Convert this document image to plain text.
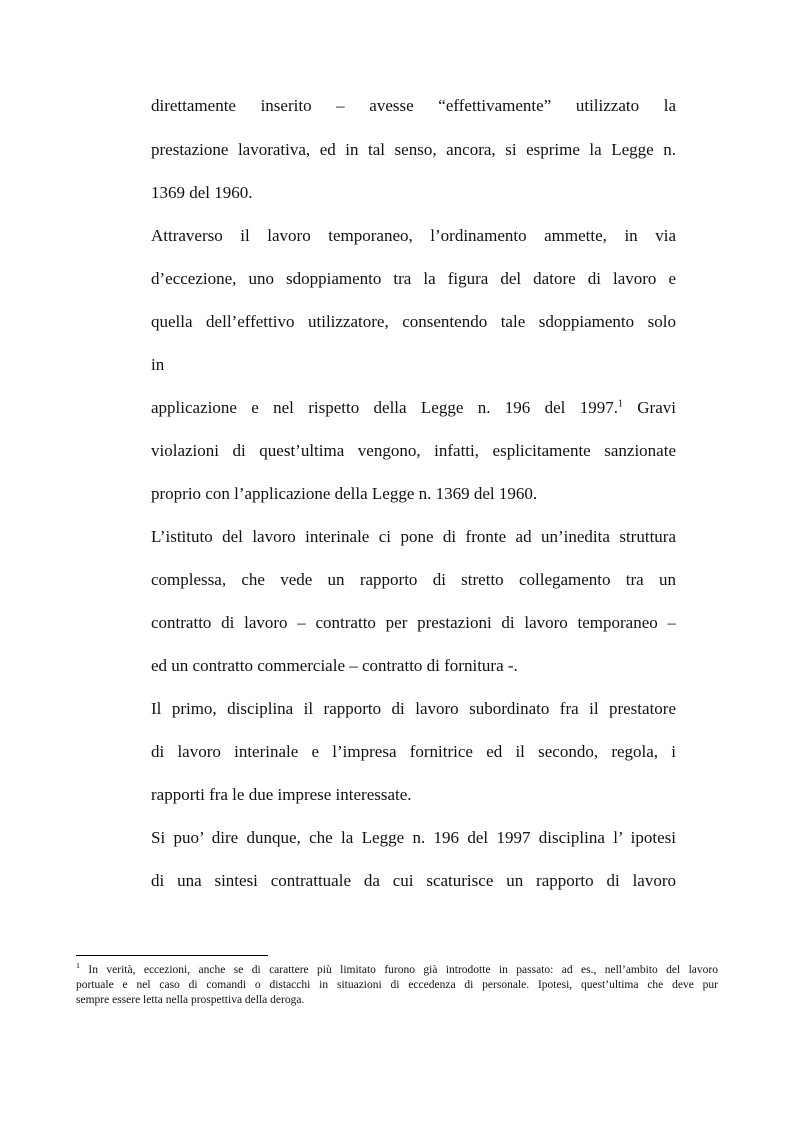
direttamente inserito – avesse “effettivamente” utilizzato la
prestazione lavorativa, ed in tal senso, ancora, si esprime la Legge n.
1369 del 1960.
Attraverso il lavoro temporaneo, l’ordinamento ammette, in via
d’eccezione, uno sdoppiamento tra la figura del datore di lavoro e
quella dell’effettivo utilizzatore, consentendo tale sdoppiamento solo
in
applicazione e nel rispetto della Legge n. 196 del 1997.$^1$ Gravi
violazioni di quest’ultima vengono, infatti, esplicitamente sanzionate
proprio con l’applicazione della Legge n. 1369 del 1960.
L’istituto del lavoro interinale ci pone di fronte ad un’inedita struttura
complessa, che vede un rapporto di stretto collegamento tra un
contratto di lavoro – contratto per prestazioni di lavoro temporaneo –
ed un contratto commerciale – contratto di fornitura -.
Il primo, disciplina il rapporto di lavoro subordinato fra il prestatore
di lavoro interinale e l’impresa fornitrice ed il secondo, regola, i
rapporti fra le due imprese interessate.
Si puo’ dire dunque, che la Legge n. 196 del 1997 disciplina l’ ipotesi
di una sintesi contrattuale da cui scaturisce un rapporto di lavoro
$^1$ In verità, eccezioni, anche se di carattere più limitato furono già introdotte in passato: ad es., nell’ambito del lavoro
portuale e nel caso di comandi o distacchi in situazioni di eccedenza di personale. Ipotesi, quest’ultima che deve pur
sempre essere letta nella prospettiva della deroga.
